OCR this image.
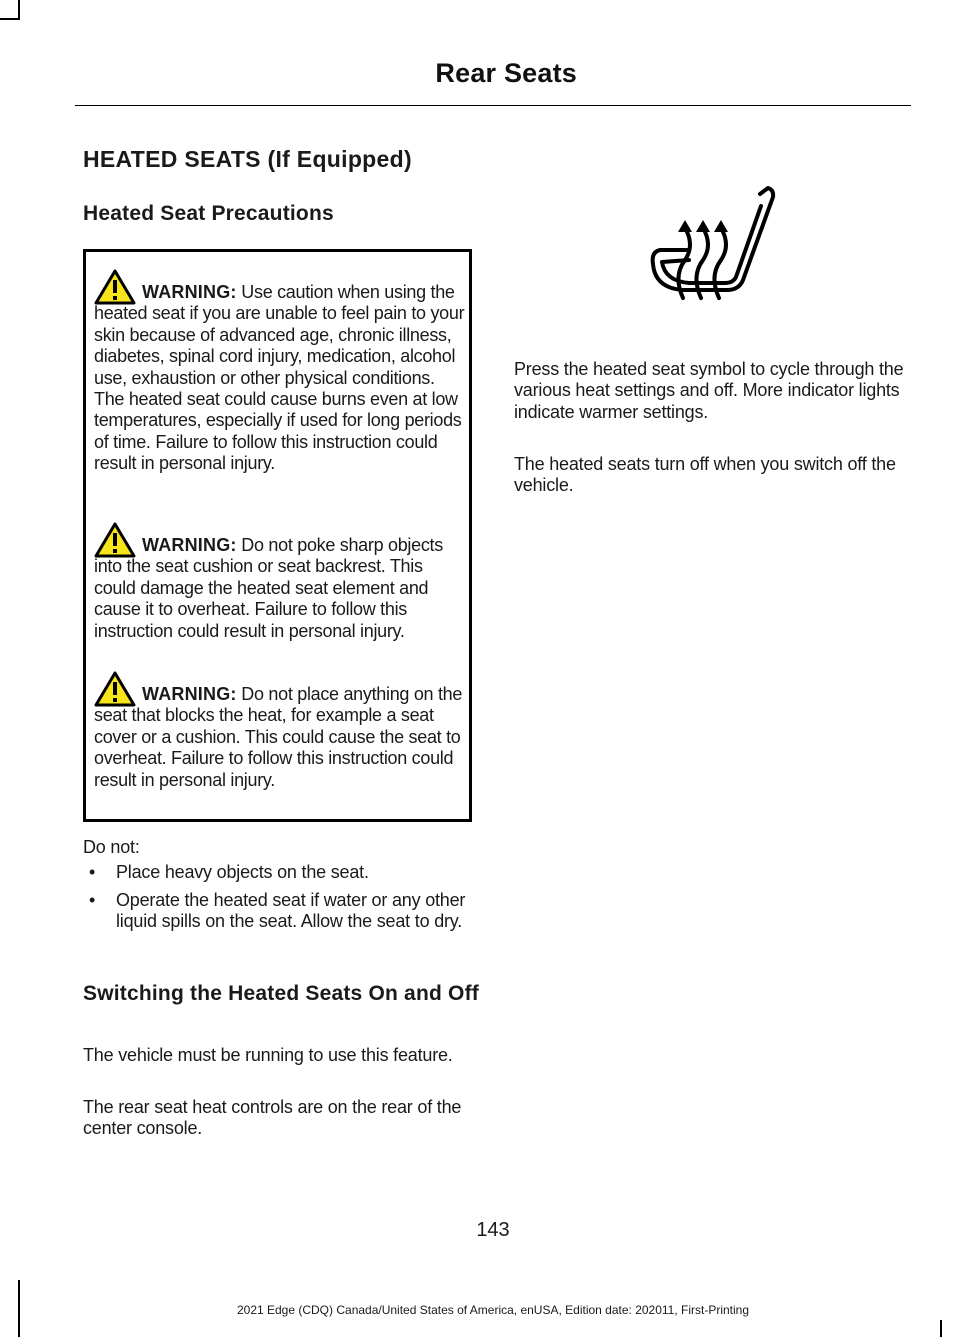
Rear Seats
HEATED SEATS (If Equipped)
Heated Seat Precautions

WARNING: Use caution when using the heated seat if you are unable to feel pain to your skin because of advanced age, chronic illness, diabetes, spinal cord injury, medication, alcohol use, exhaustion or other physical conditions. The heated seat could cause burns even at low temperatures, especially if used for long periods of time. Failure to follow this instruction could result in personal injury.

WARNING: Do not poke sharp objects into the seat cushion or seat backrest. This could damage the heated seat element and cause it to overheat. Failure to follow this instruction could result in personal injury.

WARNING: Do not place anything on the seat that blocks the heat, for example a seat cover or a cushion. This could cause the seat to overheat. Failure to follow this instruction could result in personal injury.

Do not:

• Place heavy objects on the seat.

• Operate the heated seat if water or any other liquid spills on the seat. Allow the seat to dry.

Switching the Heated Seats On and Off

The vehicle must be running to use this feature.

The rear seat heat controls are on the rear of the center console.

Press the heated seat symbol to cycle through the various heat settings and off. More indicator lights indicate warmer settings.

The heated seats turn off when you switch off the vehicle.

143
2021 Edge (CDQ) Canada/United States of America, enUSA, Edition date: 202011, First-Printing
